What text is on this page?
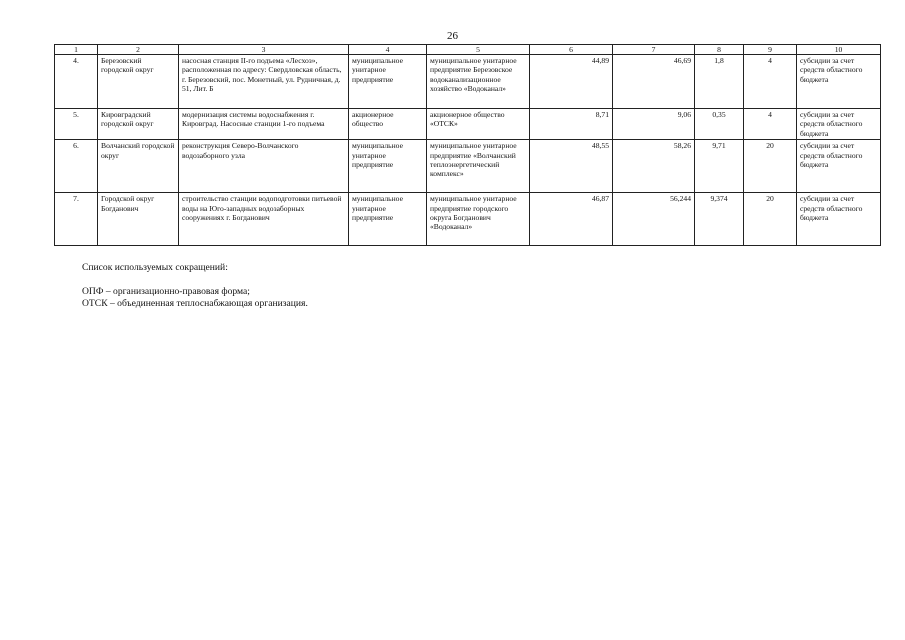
26
1	2	3	4	5	6	7	8	9	10
4.	Березовский городской округ	насосная станция II-го подъема «Лесхоз», расположенная по адресу: Свердловская область, г. Березовский, пос. Монетный, ул. Рудничная, д. 51, Лит. Б	муниципальное унитарное предприятие	муниципальное унитарное предприятие Березовское водоканализационное хозяйство «Водоканал»	44,89	46,69	1,8	4	субсидии за счет средств областного бюджета
5.	Кировградский городской округ	модернизация системы водоснабжения г. Кировград. Насосные станции 1-го подъема	акционерное общество	акционерное общество «ОТСК»	8,71	9,06	0,35	4	субсидии за счет средств областного бюджета
6.	Волчанский городской округ	реконструкция Северо-Волчанского водозаборного узла	муниципальное унитарное предприятие	муниципальное унитарное предприятие «Волчанский теплоэнергетический комплекс»	48,55	58,26	9,71	20	субсидии за счет средств областного бюджета
7.	Городской округ Богданович	строительство станции водоподготовки питьевой воды на Юго-западных водозаборных сооружениях г. Богданович	муниципальное унитарное предприятие	муниципальное унитарное предприятие городского округа Богданович «Водоканал»	46,87	56,244	9,374	20	субсидии за счет средств областного бюджета
Список используемых сокращений:
ОПФ – организационно-правовая форма;
ОТСК – объединенная теплоснабжающая организация.
